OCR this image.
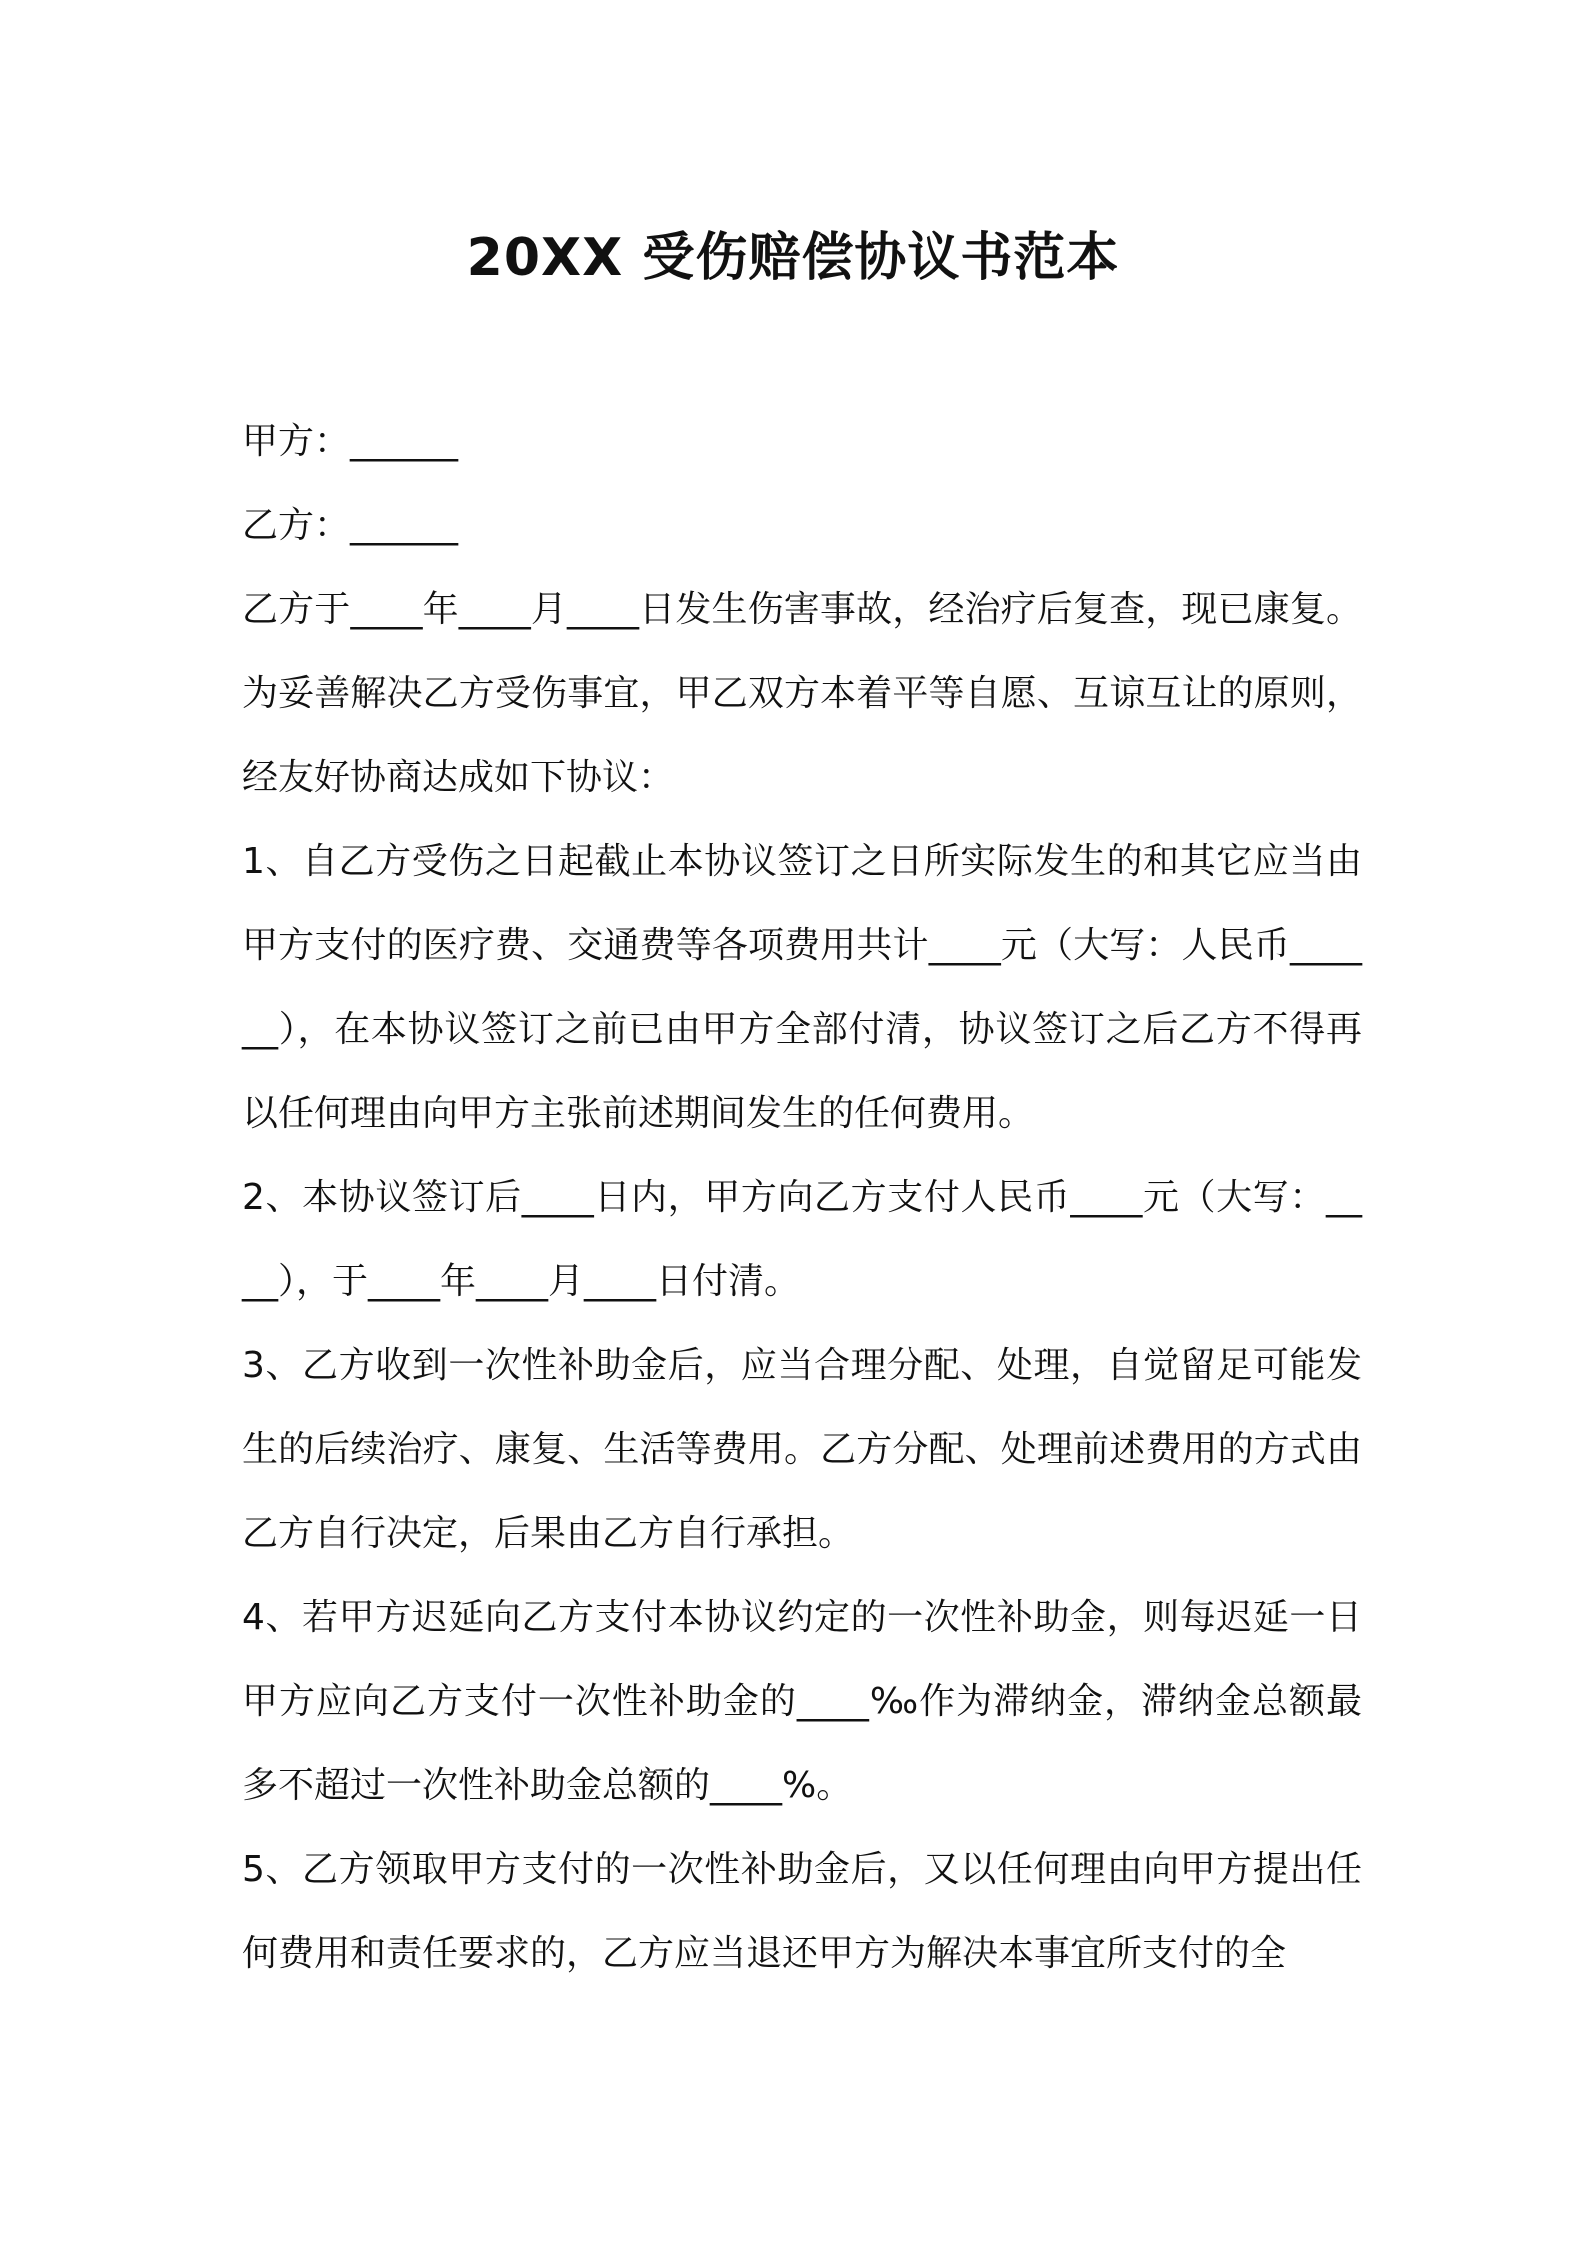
20XX 受伤赔偿协议书范本

甲方：______

乙方：______

乙方于____年____月____日发生伤害事故，经治疗后复查，现已康复。为妥善解决乙方受伤事宜，甲乙双方本着平等自愿、互谅互让的原则，经友好协商达成如下协议：

1、自乙方受伤之日起截止本协议签订之日所实际发生的和其它应当由甲方支付的医疗费、交通费等各项费用共计____元（大写：人民币______），在本协议签订之前已由甲方全部付清，协议签订之后乙方不得再以任何理由向甲方主张前述期间发生的任何费用。

2、本协议签订后____日内，甲方向乙方支付人民币____元（大写：____），于____年____月____日付清。

3、乙方收到一次性补助金后，应当合理分配、处理，自觉留足可能发生的后续治疗、康复、生活等费用。乙方分配、处理前述费用的方式由乙方自行决定，后果由乙方自行承担。

4、若甲方迟延向乙方支付本协议约定的一次性补助金，则每迟延一日甲方应向乙方支付一次性补助金的____‰作为滞纳金，滞纳金总额最多不超过一次性补助金总额的____%。

5、乙方领取甲方支付的一次性补助金后，又以任何理由向甲方提出任何费用和责任要求的，乙方应当退还甲方为解决本事宜所支付的全
